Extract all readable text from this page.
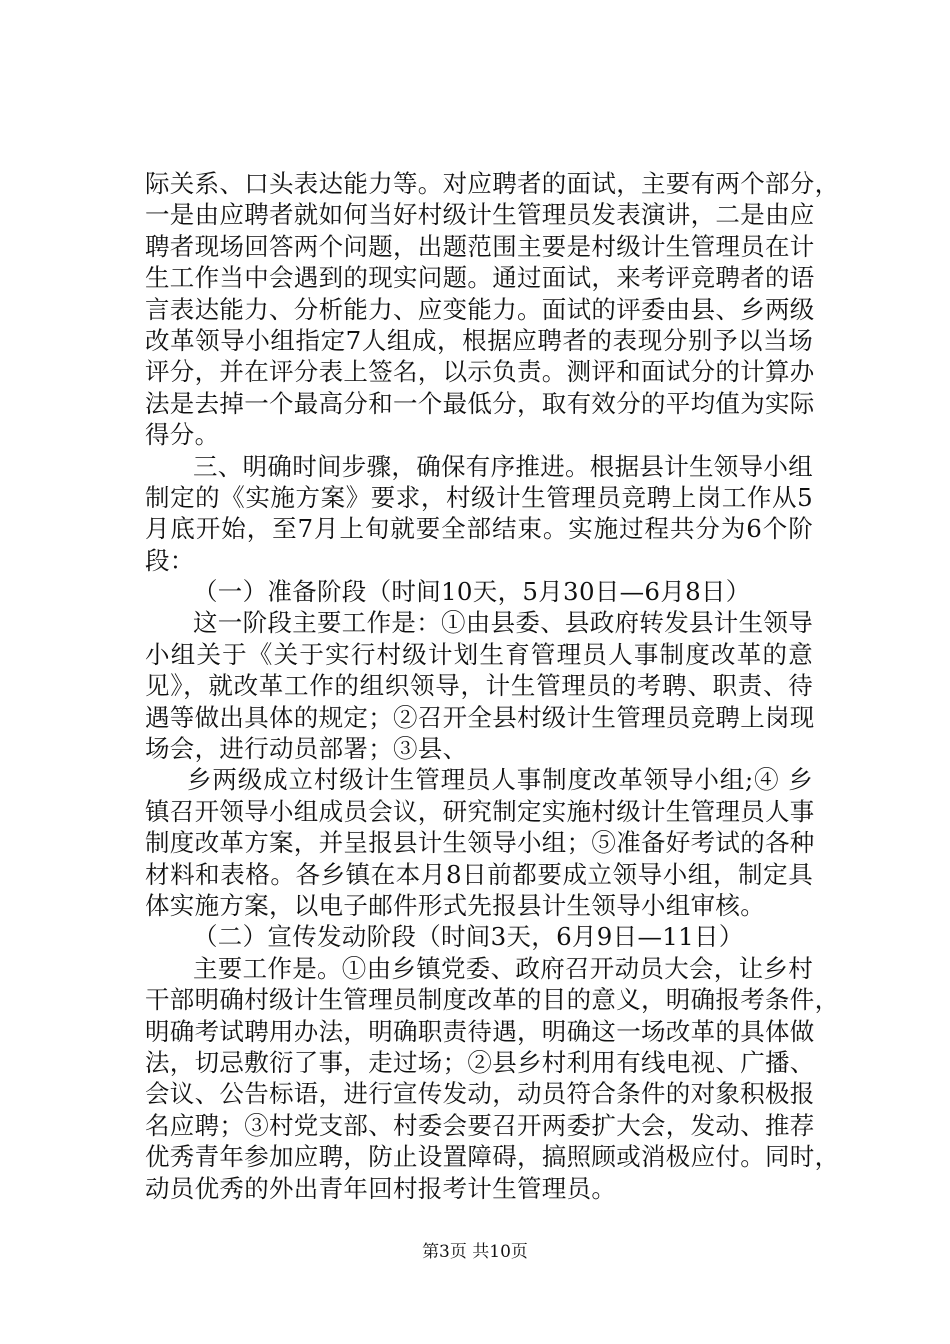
际关系、口头表达能力等。对应聘者的面试，主要有两个部分，
一是由应聘者就如何当好村级计生管理员发表演讲，二是由应
聘者现场回答两个问题，出题范围主要是村级计生管理员在计
生工作当中会遇到的现实问题。通过面试，来考评竞聘者的语
言表达能力、分析能力、应变能力。面试的评委由县、乡两级
改革领导小组指定7人组成，根据应聘者的表现分别予以当场
评分，并在评分表上签名，以示负责。测评和面试分的计算办
法是去掉一个最高分和一个最低分，取有效分的平均值为实际
得分。
三、明确时间步骤，确保有序推进。根据县计生领导小组
制定的《实施方案》要求，村级计生管理员竞聘上岗工作从5
月底开始，至7月上旬就要全部结束。实施过程共分为6个阶
段：
（一）准备阶段（时间10天，5月30日—6月8日）
这一阶段主要工作是：①由县委、县政府转发县计生领导
小组关于《关于实行村级计划生育管理员人事制度改革的意
见》，就改革工作的组织领导，计生管理员的考聘、职责、待
遇等做出具体的规定；②召开全县村级计生管理员竞聘上岗现
场会，进行动员部署；③县、
乡两级成立村级计生管理员人事制度改革领导小组;④ 乡
镇召开领导小组成员会议，研究制定实施村级计生管理员人事
制度改革方案，并呈报县计生领导小组；⑤准备好考试的各种
材料和表格。各乡镇在本月8日前都要成立领导小组，制定具
体实施方案，以电子邮件形式先报县计生领导小组审核。
（二）宣传发动阶段（时间3天，6月9日—11日）
主要工作是。①由乡镇党委、政府召开动员大会，让乡村
干部明确村级计生管理员制度改革的目的意义，明确报考条件，
明确考试聘用办法，明确职责待遇，明确这一场改革的具体做
法，切忌敷衍了事，走过场；②县乡村利用有线电视、广播、
会议、公告标语，进行宣传发动，动员符合条件的对象积极报
名应聘；③村党支部、村委会要召开两委扩大会，发动、推荐
优秀青年参加应聘，防止设置障碍，搞照顾或消极应付。同时，
动员优秀的外出青年回村报考计生管理员。
第3页 共10页
